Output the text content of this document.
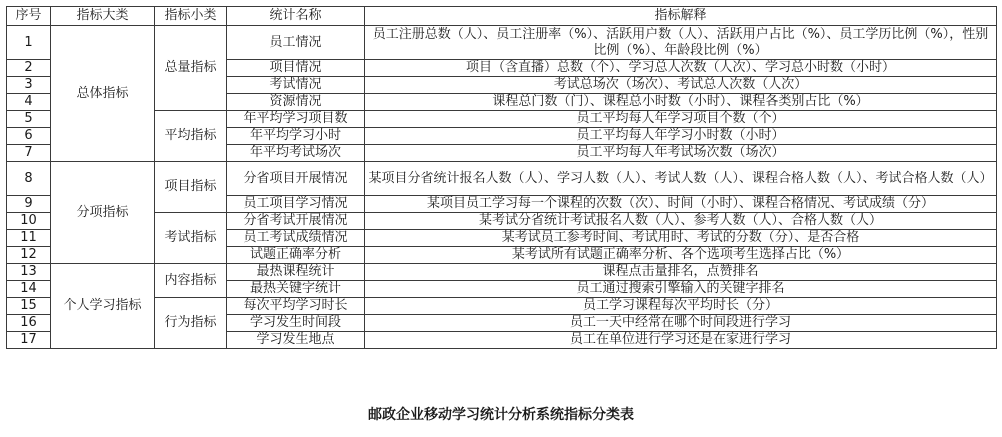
序号	指标大类	指标小类	统计名称	指标解释
1	总体指标	总量指标	员工情况	员工注册总数（人）、员工注册率（%）、活跃用户数（人）、活跃用户占比（%）、员工学历比例（%），性别比例（%）、年龄段比例（%）
2			项目情况	项目（含直播）总数（个）、学习总人次数（人次）、学习总小时数（小时）
3			考试情况	考试总场次（场次）、考试总人次数（人次）
4			资源情况	课程总门数（门）、课程总小时数（小时）、课程各类别占比（%）
5		平均指标	年平均学习项目数	员工平均每人年学习项目个数（个）
6			年平均学习小时	员工平均每人年学习小时数（小时）
7			年平均考试场次	员工平均每人年考试场次数（场次）
8	分项指标	项目指标	分省项目开展情况	某项目分省统计报名人数（人）、学习人数（人）、考试人数（人）、课程合格人数（人）、考试合格人数（人）
9			员工项目学习情况	某项目员工学习每一个课程的次数（次）、时间（小时）、课程合格情况、考试成绩（分）
10		考试指标	分省考试开展情况	某考试分省统计考试报名人数（人）、参考人数（人）、合格人数（人）
11			员工考试成绩情况	某考试员工参考时间、考试用时、考试的分数（分）、是否合格
12			试题正确率分析	某考试所有试题正确率分析、各个选项考生选择占比（%）
13	个人学习指标	内容指标	最热课程统计	课程点击量排名，点赞排名
14			最热关键字统计	员工通过搜索引擎输入的关键字排名
15		行为指标	每次平均学习时长	员工学习课程每次平均时长（分）
16			学习发生时间段	员工一天中经常在哪个时间段进行学习
17			学习发生地点	员工在单位进行学习还是在家进行学习
邮政企业移动学习统计分析系统指标分类表
